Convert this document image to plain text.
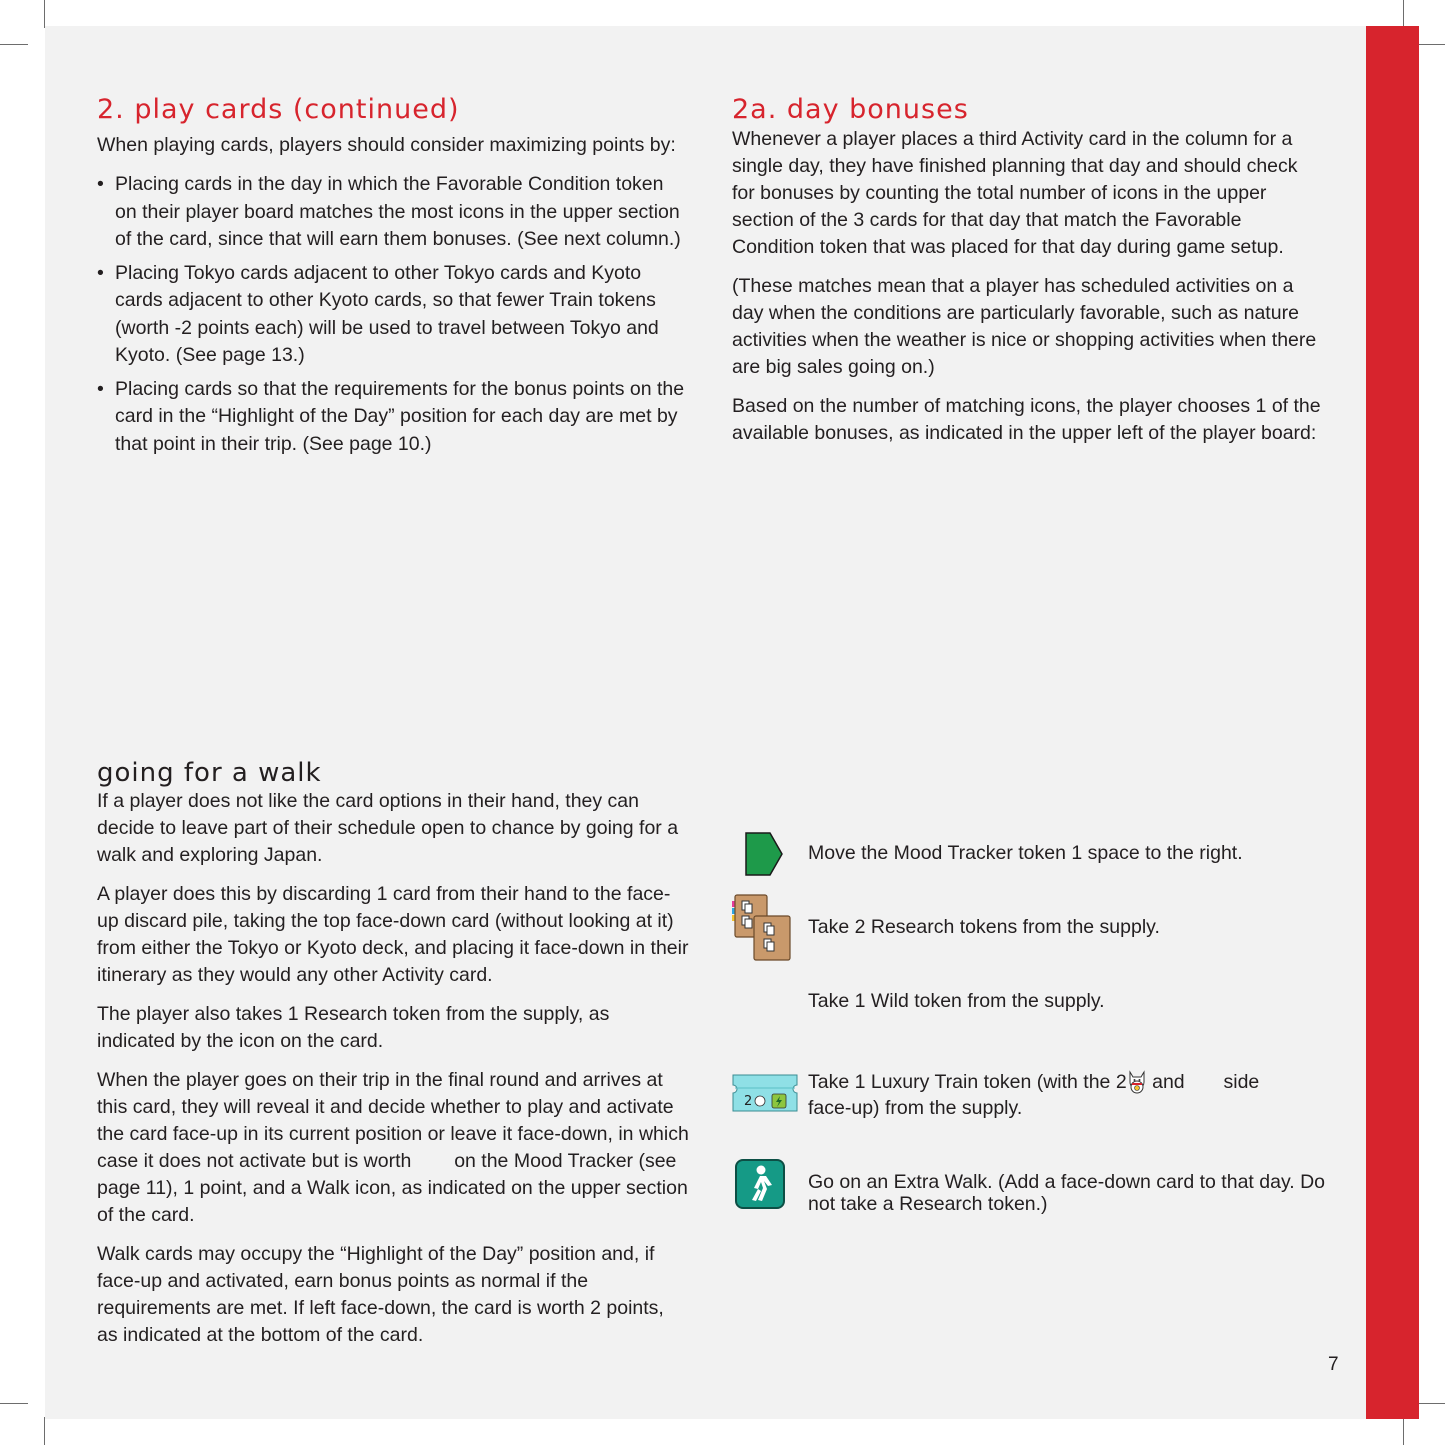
2. play cards (continued)

When playing cards, players should consider maximizing points by:

• Placing cards in the day in which the Favorable Condition token on their player board matches the most icons in the upper section of the card, since that will earn them bonuses. (See next column.)
• Placing Tokyo cards adjacent to other Tokyo cards and Kyoto cards adjacent to other Kyoto cards, so that fewer Train tokens (worth -2 points each) will be used to travel between Tokyo and Kyoto. (See page 13.)
• Placing cards so that the requirements for the bonus points on the card in the “Highlight of the Day” position for each day are met by that point in their trip. (See page 10.)
going for a walk

If a player does not like the card options in their hand, they can decide to leave part of their schedule open to chance by going for a walk and exploring Japan.

A player does this by discarding 1 card from their hand to the face-up discard pile, taking the top face-down card (without looking at it) from either the Tokyo or Kyoto deck, and placing it face-down in their itinerary as they would any other Activity card.

The player also takes 1 Research token from the supply, as indicated by the icon on the card.

When the player goes on their trip in the final round and arrives at this card, they will reveal it and decide whether to play and activate the card face-up in its current position or leave it face-down, in which case it does not activate but is worth on the Mood Tracker (see page 11), 1 point, and a Walk icon, as indicated on the upper section of the card.

Walk cards may occupy the “Highlight of the Day” position and, if face-up and activated, earn bonus points as normal if the requirements are met. If left face-down, the card is worth 2 points, as indicated at the bottom of the card.

2a. day bonuses

Whenever a player places a third Activity card in the column for a single day, they have finished planning that day and should check for bonuses by counting the total number of icons in the upper section of the 3 cards for that day that match the Favorable Condition token that was placed for that day during game setup.

(These matches mean that a player has scheduled activities on a day when the conditions are particularly favorable, such as nature activities when the weather is nice or shopping activities when there are big sales going on.)

Based on the number of matching icons, the player chooses 1 of the available bonuses, as indicated in the upper left of the player board:

Move the Mood Tracker token 1 space to the right.
Take 2 Research tokens from the supply.
Take 1 Wild token from the supply.
2
Take 1 Luxury Train token (with the 2 and side
face-up) from the supply.
Go on an Extra Walk. (Add a face-down card to that day. Do not take a Research token.)
7
